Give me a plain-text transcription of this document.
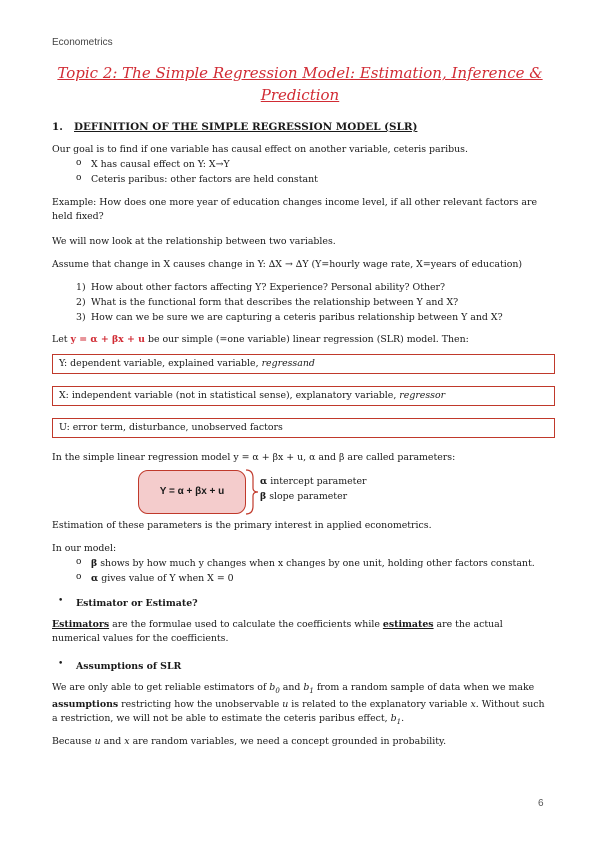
Econometrics
Topic 2: The Simple Regression Model: Estimation, Inference & Prediction
1. DEFINITION OF THE SIMPLE REGRESSION MODEL (SLR)
Our goal is to find if one variable has causal effect on another variable, ceteris paribus.
o X has causal effect on Y: X→Y
o Ceteris paribus: other factors are held constant
Example: How does one more year of education changes income level, if all other relevant factors are held fixed?
We will now look at the relationship between two variables.
Assume that change in X causes change in Y: ∆X → ∆Y (Y=hourly wage rate, X=years of education)
1) How about other factors affecting Y? Experience? Personal ability? Other?
2) What is the functional form that describes the relationship between Y and X?
3) How can we be sure we are capturing a ceteris paribus relationship between Y and X?
Let y = α + βx + u be our simple (=one variable) linear regression (SLR) model. Then:
Y: dependent variable, explained variable, regressand
X: independent variable (not in statistical sense), explanatory variable, regressor
U: error term, disturbance, unobserved factors
In the simple linear regression model y = α + βx + u, α and β are called parameters:
Y = α + βx + u
α intercept parameter
β slope parameter
Estimation of these parameters is the primary interest in applied econometrics.
In our model:
o β shows by how much y changes when x changes by one unit, holding other factors constant.
o α gives value of Y when X = 0
• Estimator or Estimate?
Estimators are the formulae used to calculate the coefficients while estimates are the actual numerical values for the coefficients.
• Assumptions of SLR
We are only able to get reliable estimators of $b_0$ and $b_1$ from a random sample of data when we make assumptions restricting how the unobservable u is related to the explanatory variable x. Without such a restriction, we will not be able to estimate the ceteris paribus effect, $b_1$.
Because u and x are random variables, we need a concept grounded in probability.
6
